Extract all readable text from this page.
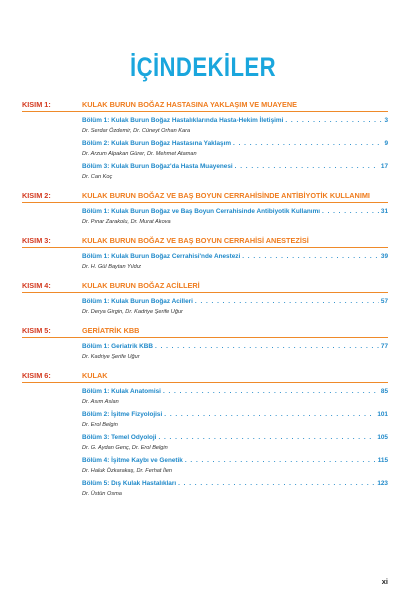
İÇİNDEKİLER
KISIM 1:	KULAK BURUN BOĞAZ HASTASINA YAKLAŞIM VE MUAYENE
Bölüm 1: Kulak Burun Boğaz Hastalıklarında Hasta-Hekim İletişimi . . .	3
Dr. Serdar Özdemir, Dr. Cüneyt Orhan Kara
Bölüm 2: Kulak Burun Boğaz Hastasına Yaklaşım . . .	9
Dr. Arzum Alpakan Gürer, Dr. Mehmet Ataman
Bölüm 3: Kulak Burun Boğaz'da Hasta Muayenesi . . .	17
Dr. Can Koç
KISIM 2:	KULAK BURUN BOĞAZ VE BAŞ BOYUN CERRAHİSİNDE ANTİBİYOTİK KULLANIMI
Bölüm 1: Kulak Burun Boğaz ve Baş Boyun Cerrahisinde Antibiyotik Kullanımı . . .	31
Dr. Pınar Zarakolu, Dr. Murat Akova
KISIM 3:	KULAK BURUN BOĞAZ VE BAŞ BOYUN CERRAHİSİ ANESTEZİSİ
Bölüm 1: Kulak Burun Boğaz Cerrahisi'nde Anestezi . . .	39
Dr. H. Gül Baytan Yıldız
KISIM 4:	KULAK BURUN BOĞAZ ACİLLERİ
Bölüm 1: Kulak Burun Boğaz Acilleri . . .	57
Dr. Derya Girgin, Dr. Kadriye Şerife Uğur
KISIM 5:	GERİATRİK KBB
Bölüm 1: Geriatrik KBB . . .	77
Dr. Kadriye Şerife Uğur
KISIM 6:	KULAK
Bölüm 1: Kulak Anatomisi . . .	85
Dr. Asım Aslan
Bölüm 2: İşitme Fizyolojisi . . .	101
Dr. Erol Belgin
Bölüm 3: Temel Odyoloji . . .	105
Dr. G. Aydan Genç, Dr. Erol Belgin
Bölüm 4: İşitme Kaybı ve Genetik . . .	115
Dr. Haluk Özkarakaş, Dr. Ferhat İlen
Bölüm 5: Dış Kulak Hastalıkları . . .	123
Dr. Üstün Osma
xi
